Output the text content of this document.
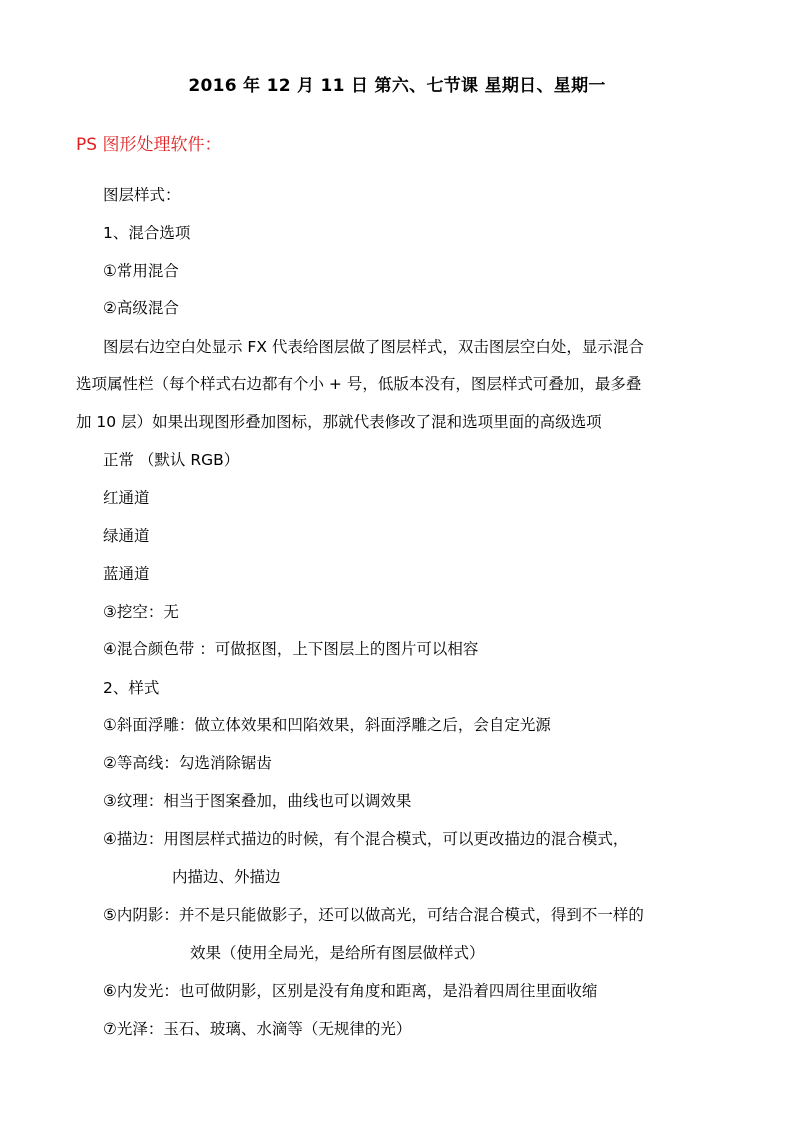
2016 年 12 月 11 日 第六、七节课 星期日、星期一
PS 图形处理软件：
图层样式：
1、混合选项
①常用混合
②高级混合
图层右边空白处显示 FX 代表给图层做了图层样式，双击图层空白处，显示混合
选项属性栏（每个样式右边都有个小 + 号，低版本没有，图层样式可叠加，最多叠
加 10 层）如果出现图形叠加图标，那就代表修改了混和选项里面的高级选项
正常 （默认 RGB）
红通道
绿通道
蓝通道
③挖空：无
④混合颜色带 ：可做抠图，上下图层上的图片可以相容
2、样式
①斜面浮雕：做立体效果和凹陷效果，斜面浮雕之后，会自定光源
②等高线：勾选消除锯齿
③纹理：相当于图案叠加，曲线也可以调效果
④描边：用图层样式描边的时候，有个混合模式，可以更改描边的混合模式，
内描边、外描边
⑤内阴影：并不是只能做影子，还可以做高光，可结合混合模式，得到不一样的
效果（使用全局光，是给所有图层做样式）
⑥内发光：也可做阴影，区别是没有角度和距离，是沿着四周往里面收缩
⑦光泽：玉石、玻璃、水滴等（无规律的光）
